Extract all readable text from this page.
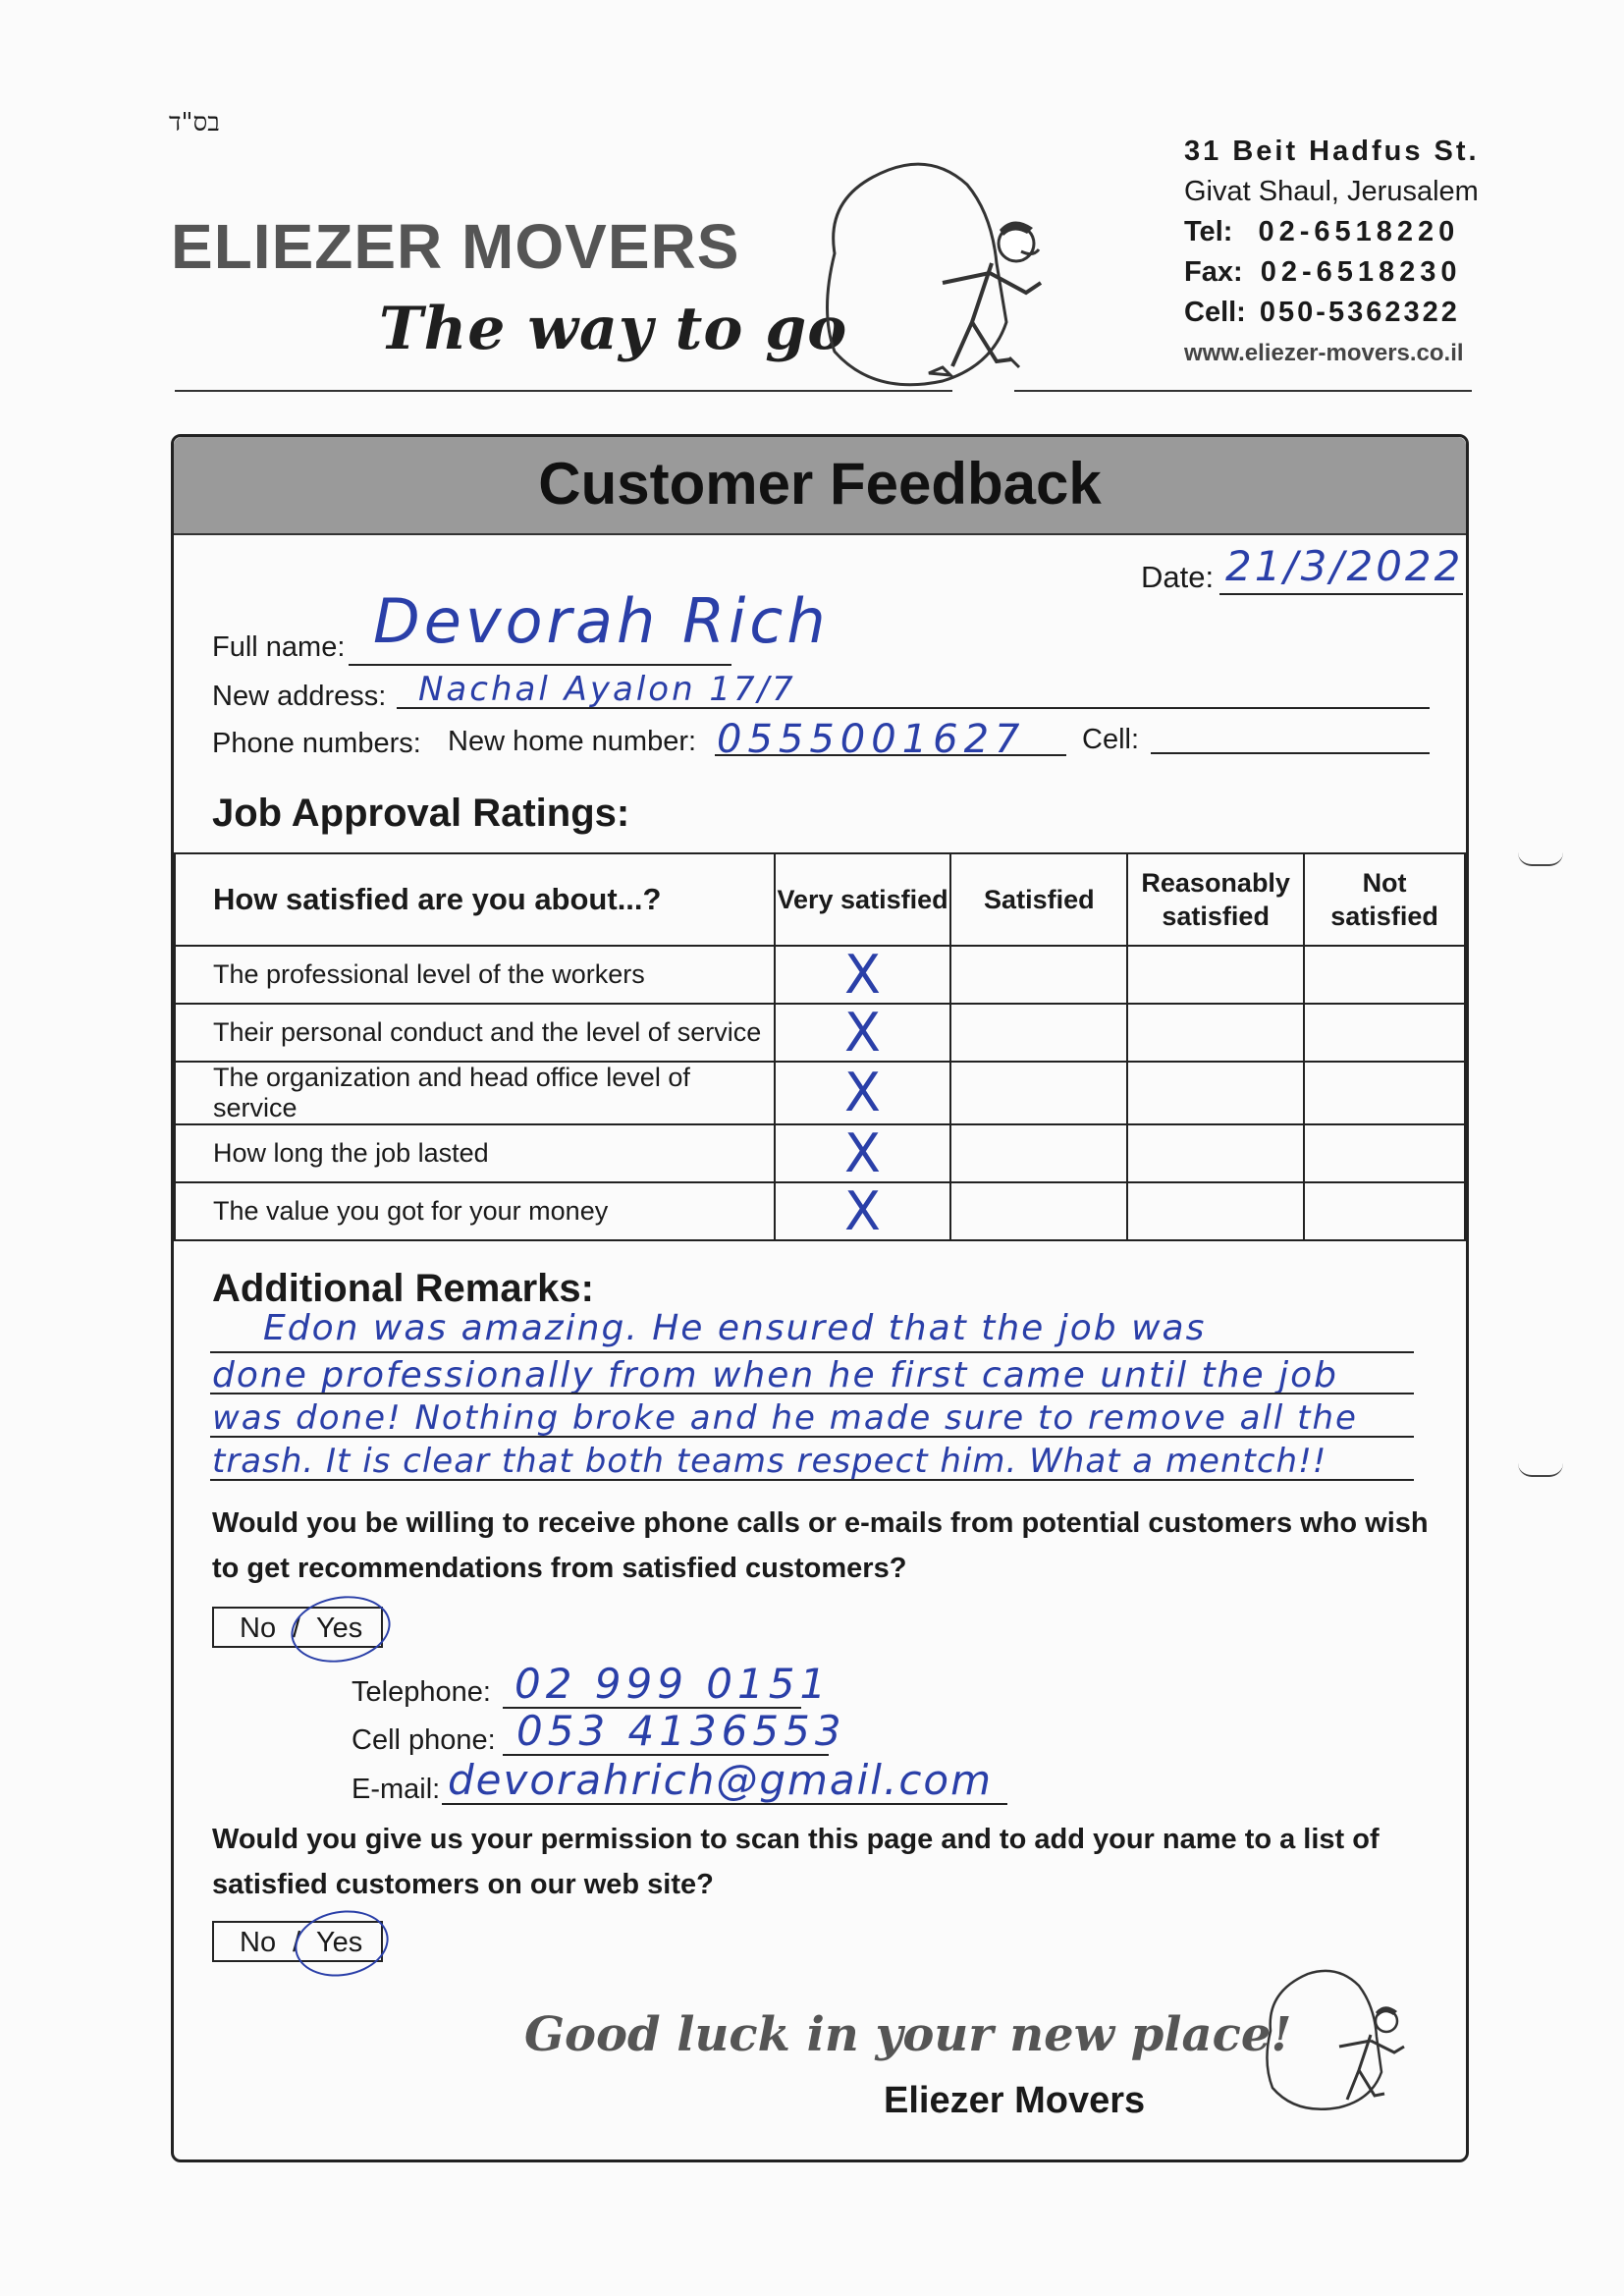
בס"ד
ELIEZER MOVERS
The way to go
31 Beit Hadfus St.
Givat Shaul, Jerusalem
Tel: 02-6518220
Fax: 02-6518230
Cell: 050-5362322
www.eliezer-movers.co.il
Customer Feedback
Date: 21/3/2022
Full name: Devorah Rich
New address: Nachal Ayalon 17/7
Phone numbers: New home number: 0555001627 Cell:
Job Approval Ratings:
How satisfied are you about...?	Very satisfied	Satisfied	Reasonably satisfied	Not satisfied
The professional level of the workers	X			
Their personal conduct and the level of service	X			
The organization and head office level of service	X			
How long the job lasted	X			
The value you got for your money	X			
Additional Remarks:
Edon was amazing. He ensured that the job was
done professionally from when he first came until the job
was done! Nothing broke and he made sure to remove all the
trash. It is clear that both teams respect him. What a mentch!!
Would you be willing to receive phone calls or e-mails from potential customers who wish to get recommendations from satisfied customers?
No / Yes
Telephone: 02 999 0151
Cell phone: 053 4136553
E-mail: devorahrich@gmail.com
Would you give us your permission to scan this page and to add your name to a list of satisfied customers on our web site?
No / Yes
Good luck in your new place!
Eliezer Movers
